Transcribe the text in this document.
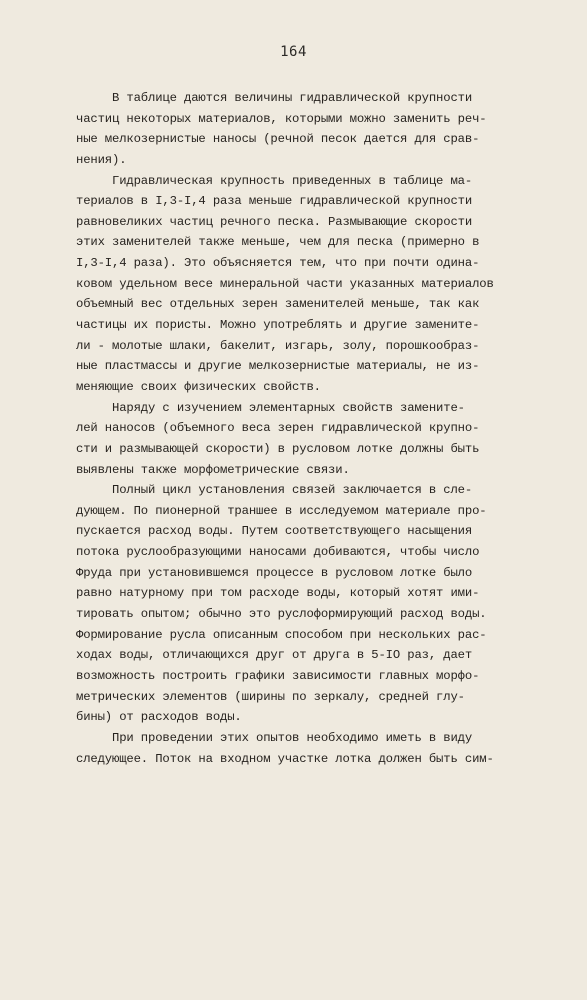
164
В таблице даются величины гидравлической крупности
частиц некоторых материалов, которыми можно заменить реч-
ные мелкозернистые наносы (речной песок дается для срав-
нения).
Гидравлическая крупность приведенных в таблице ма-
териалов в I,3-I,4 раза меньше гидравлической крупности
равновеликих частиц речного песка. Размывающие скорости
этих заменителей также меньше, чем для песка (примерно в
I,3-I,4 раза). Это объясняется тем, что при почти одина-
ковом удельном весе минеральной части указанных материалов
объемный вес отдельных зерен заменителей меньше, так как
частицы их пористы. Можно употреблять и другие замените-
ли - молотые шлаки, бакелит, изгарь, золу, порошкообраз-
ные пластмассы и другие мелкозернистые материалы, не из-
меняющие своих физических свойств.
Наряду с изучением элементарных свойств замените-
лей наносов (объемного веса зерен гидравлической крупно-
сти и размывающей скорости) в русловом лотке должны быть
выявлены также морфометрические связи.
Полный цикл установления связей заключается в сле-
дующем. По пионерной траншее в исследуемом материале про-
пускается расход воды. Путем соответствующего насыщения
потока руслообразующими наносами добиваются, чтобы число
Фруда при установившемся процессе в русловом лотке было
равно натурному при том расходе воды, который хотят ими-
тировать опытом; обычно это руслоформирующий расход воды.
Формирование русла описанным способом при нескольких рас-
ходах воды, отличающихся друг от друга в 5-IO раз, дает
возможность построить графики зависимости главных морфо-
метрических элементов (ширины по зеркалу, средней глу-
бины) от расходов воды.
При проведении этих опытов необходимо иметь в виду
следующее. Поток на входном участке лотка должен быть сим-
